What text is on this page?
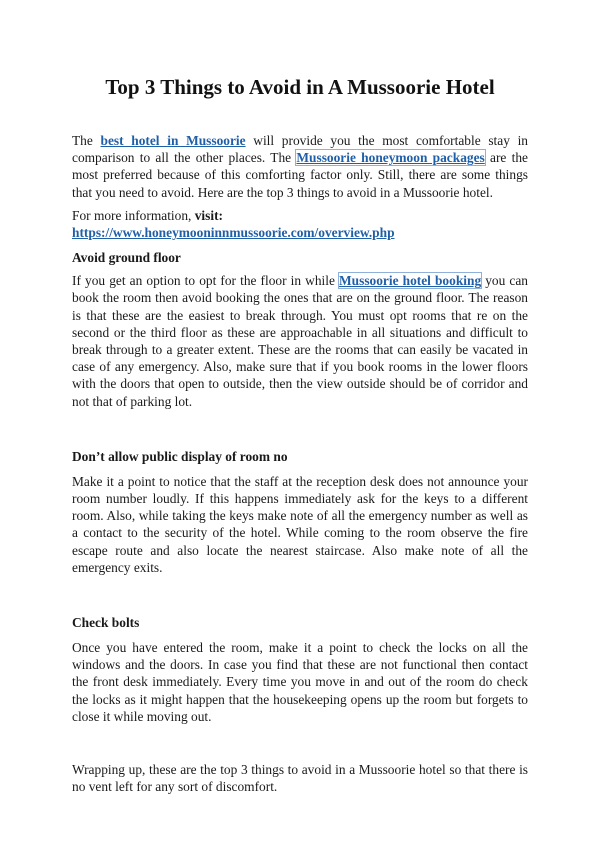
Top 3 Things to Avoid in A Mussoorie Hotel

The best hotel in Mussoorie will provide you the most comfortable stay in comparison to all the other places. The Mussoorie honeymoon packages are the most preferred because of this comforting factor only. Still, there are some things that you need to avoid. Here are the top 3 things to avoid in a Mussoorie hotel.

For more information, visit: https://www.honeymooninnmussoorie.com/overview.php

Avoid ground floor

If you get an option to opt for the floor in while Mussoorie hotel booking you can book the room then avoid booking the ones that are on the ground floor. The reason is that these are the easiest to break through. You must opt rooms that re on the second or the third floor as these are approachable in all situations and difficult to break through to a greater extent. These are the rooms that can easily be vacated in case of any emergency. Also, make sure that if you book rooms in the lower floors with the doors that open to outside, then the view outside should be of corridor and not that of parking lot.

Don’t allow public display of room no

Make it a point to notice that the staff at the reception desk does not announce your room number loudly. If this happens immediately ask for the keys to a different room. Also, while taking the keys make note of all the emergency number as well as a contact to the security of the hotel. While coming to the room observe the fire escape route and also locate the nearest staircase. Also make note of all the emergency exits.

Check bolts

Once you have entered the room, make it a point to check the locks on all the windows and the doors. In case you find that these are not functional then contact the front desk immediately. Every time you move in and out of the room do check the locks as it might happen that the housekeeping opens up the room but forgets to close it while moving out.

Wrapping up, these are the top 3 things to avoid in a Mussoorie hotel so that there is no vent left for any sort of discomfort.
